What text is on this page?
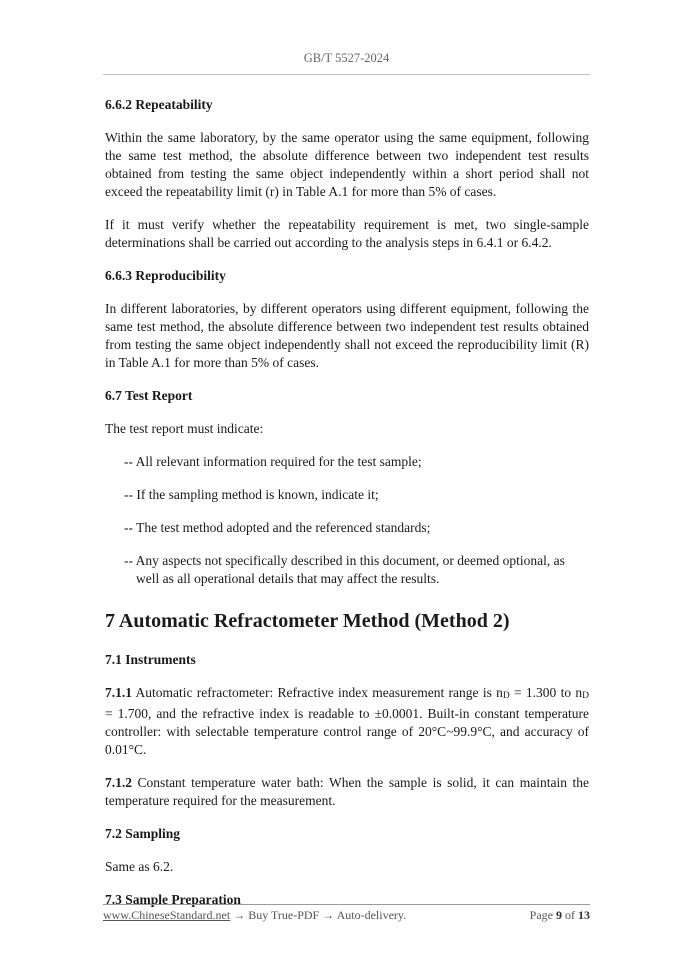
GB/T 5527-2024

6.6.2 Repeatability

Within the same laboratory, by the same operator using the same equipment, following the same test method, the absolute difference between two independent test results obtained from testing the same object independently within a short period shall not exceed the repeatability limit (r) in Table A.1 for more than 5% of cases.

If it must verify whether the repeatability requirement is met, two single-sample determinations shall be carried out according to the analysis steps in 6.4.1 or 6.4.2.

6.6.3 Reproducibility

In different laboratories, by different operators using different equipment, following the same test method, the absolute difference between two independent test results obtained from testing the same object independently shall not exceed the reproducibility limit (R) in Table A.1 for more than 5% of cases.

6.7 Test Report

The test report must indicate:

-- All relevant information required for the test sample;

-- If the sampling method is known, indicate it;

-- The test method adopted and the referenced standards;

-- Any aspects not specifically described in this document, or deemed optional, as

well as all operational details that may affect the results.

7 Automatic Refractometer Method (Method 2)

7.1 Instruments

7.1.1 Automatic refractometer: Refractive index measurement range is nD = 1.300 to nD = 1.700, and the refractive index is readable to ±0.0001. Built-in constant temperature controller: with selectable temperature control range of 20°C~99.9°C, and accuracy of 0.01°C.

7.1.2 Constant temperature water bath: When the sample is solid, it can maintain the temperature required for the measurement.

7.2 Sampling

Same as 6.2.

7.3 Sample Preparation

www.ChineseStandard.net → Buy True-PDF → Auto-delivery.	Page 9 of 13
